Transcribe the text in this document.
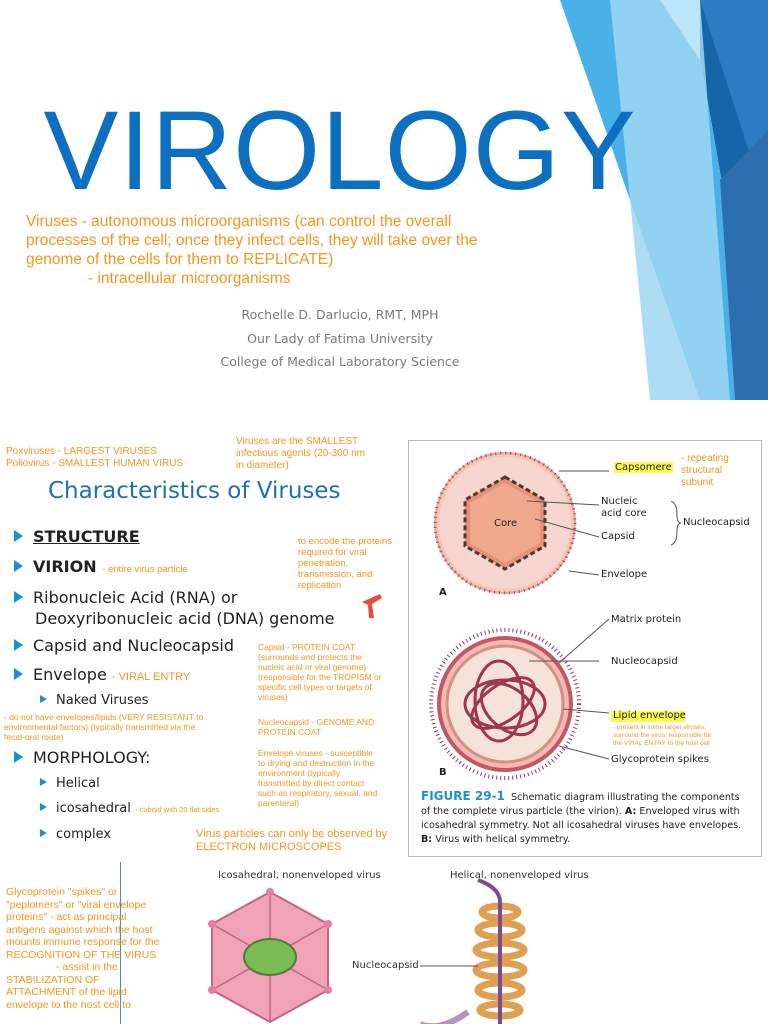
VIROLOGY
Viruses - autonomous microorganisms (can control the overall
processes of the cell; once they infect cells, they will take over the
genome of the cells for them to REPLICATE)
- intracellular microorganisms
Rochelle D. Darlucio, RMT, MPH
Our Lady of Fatima University
College of Medical Laboratory Science
Poxviruses - LARGEST VIRUSES
Poliovirus - SMALLEST HUMAN VIRUS
Viruses are the SMALLEST
infectious agents (20-300 nm
in diameter)
Characteristics of Viruses
STRUCTURE
VIRION - entire virus particle
Ribonucleic Acid (RNA) or
Deoxyribonucleic acid (DNA) genome
Capsid and Nucleocapsid
Envelope - VIRAL ENTRY
Naked Viruses
- do not have envelopes/lipids (VERY RESISTANT to
environmental factors) (typically transmitted via the
fecal-oral route)
MORPHOLOGY:
Helical
icosahedral - cuboid with 20 flat sides
complex
to encode the proteins
required for viral
penetration,
transmission, and
replication
Capsid - PROTEIN COAT
(surrounds and protects the
nucleic acid or viral genome)
(responsible for the TROPISM or
specific cell types or targets of
viruses)
Nucleocapsid - GENOME AND
PROTEIN COAT
Envelope viruses - susceptible
to drying and destruction in the
environment (typically
transmitted by direct contact
such as respiratory, sexual, and
parenteral)
Virus particles can only be observed by
ELECTRON MICROSCOPES
Capsomere
- repeating
structural
subunit
Nucleic
acid core
Capsid
Nucleocapsid
Envelope
Core
A
Matrix protein
Nucleocapsid
Lipid envelope
- present in some larger viruses;
surround the virus; responsible for
the VIRAL ENTRY to the host cell
Glycoprotein spikes
B
FIGURE 29-1 Schematic diagram illustrating the components
of the complete virus particle (the virion). A: Enveloped virus with
icosahedral symmetry. Not all icosahedral viruses have envelopes.
B: Virus with helical symmetry.
Icosahedral, nonenveloped virus	Helical, nonenveloped virus
Nucleocapsid
Glycoprotein "spikes" or
"peplomers" or "viral envelope
proteins" - act as principal
antigens against which the host
mounts immune response for the
RECOGNITION OF THE VIRUS
- assist in the
STABILIZATION OF
ATTACHMENT of the lipid
envelope to the host cell to
